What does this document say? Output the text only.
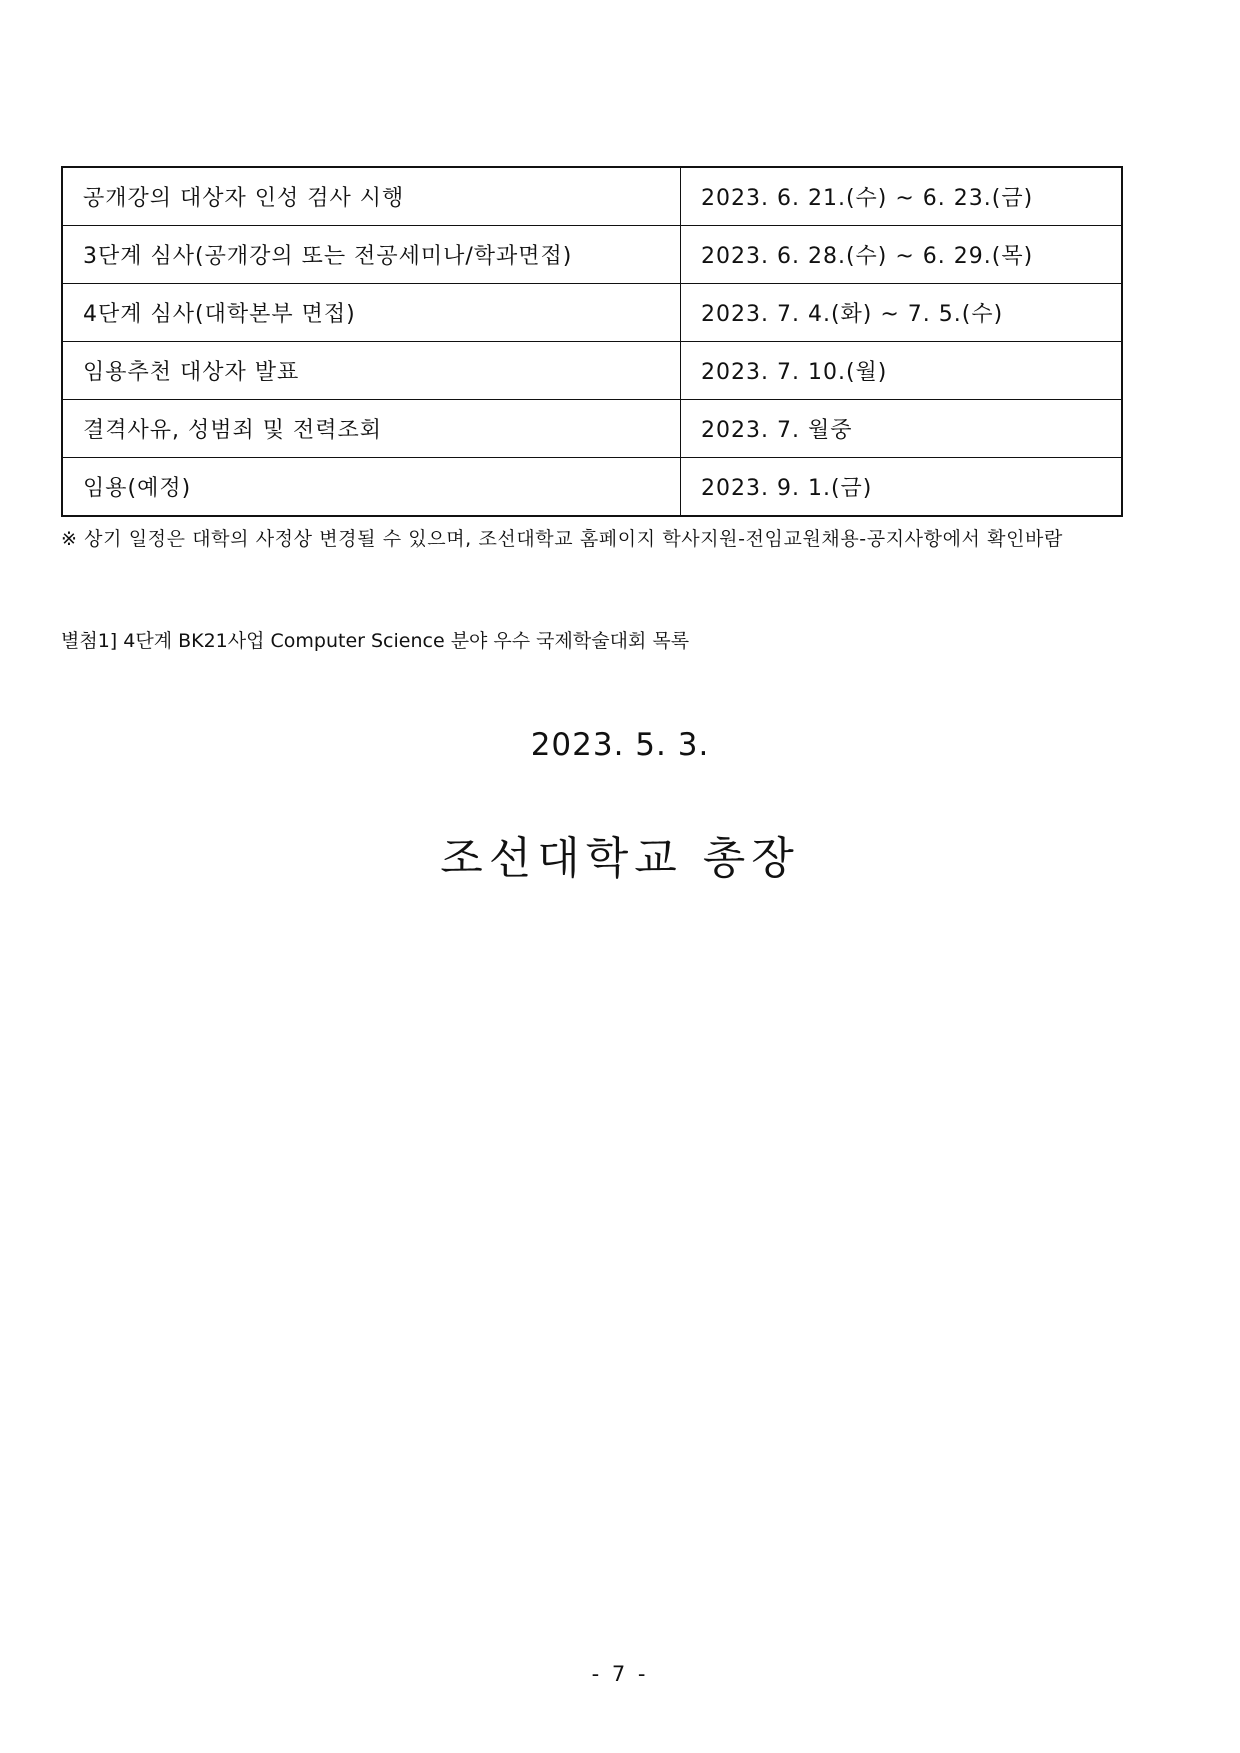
공개강의 대상자 인성 검사 시행	2023. 6. 21.(수) ~ 6. 23.(금)
3단계 심사(공개강의 또는 전공세미나/학과면접)	2023. 6. 28.(수) ~ 6. 29.(목)
4단계 심사(대학본부 면접)	2023. 7. 4.(화) ~ 7. 5.(수)
임용추천 대상자 발표	2023. 7. 10.(월)
결격사유, 성범죄 및 전력조회	2023. 7. 월중
임용(예정)	2023. 9. 1.(금)
※ 상기 일정은 대학의 사정상 변경될 수 있으며, 조선대학교 홈페이지 학사지원-전임교원채용-공지사항에서 확인바람
별첨1] 4단계 BK21사업 Computer Science 분야 우수 국제학술대회 목록
2023. 5. 3.
조선대학교 총장
- 7 -
